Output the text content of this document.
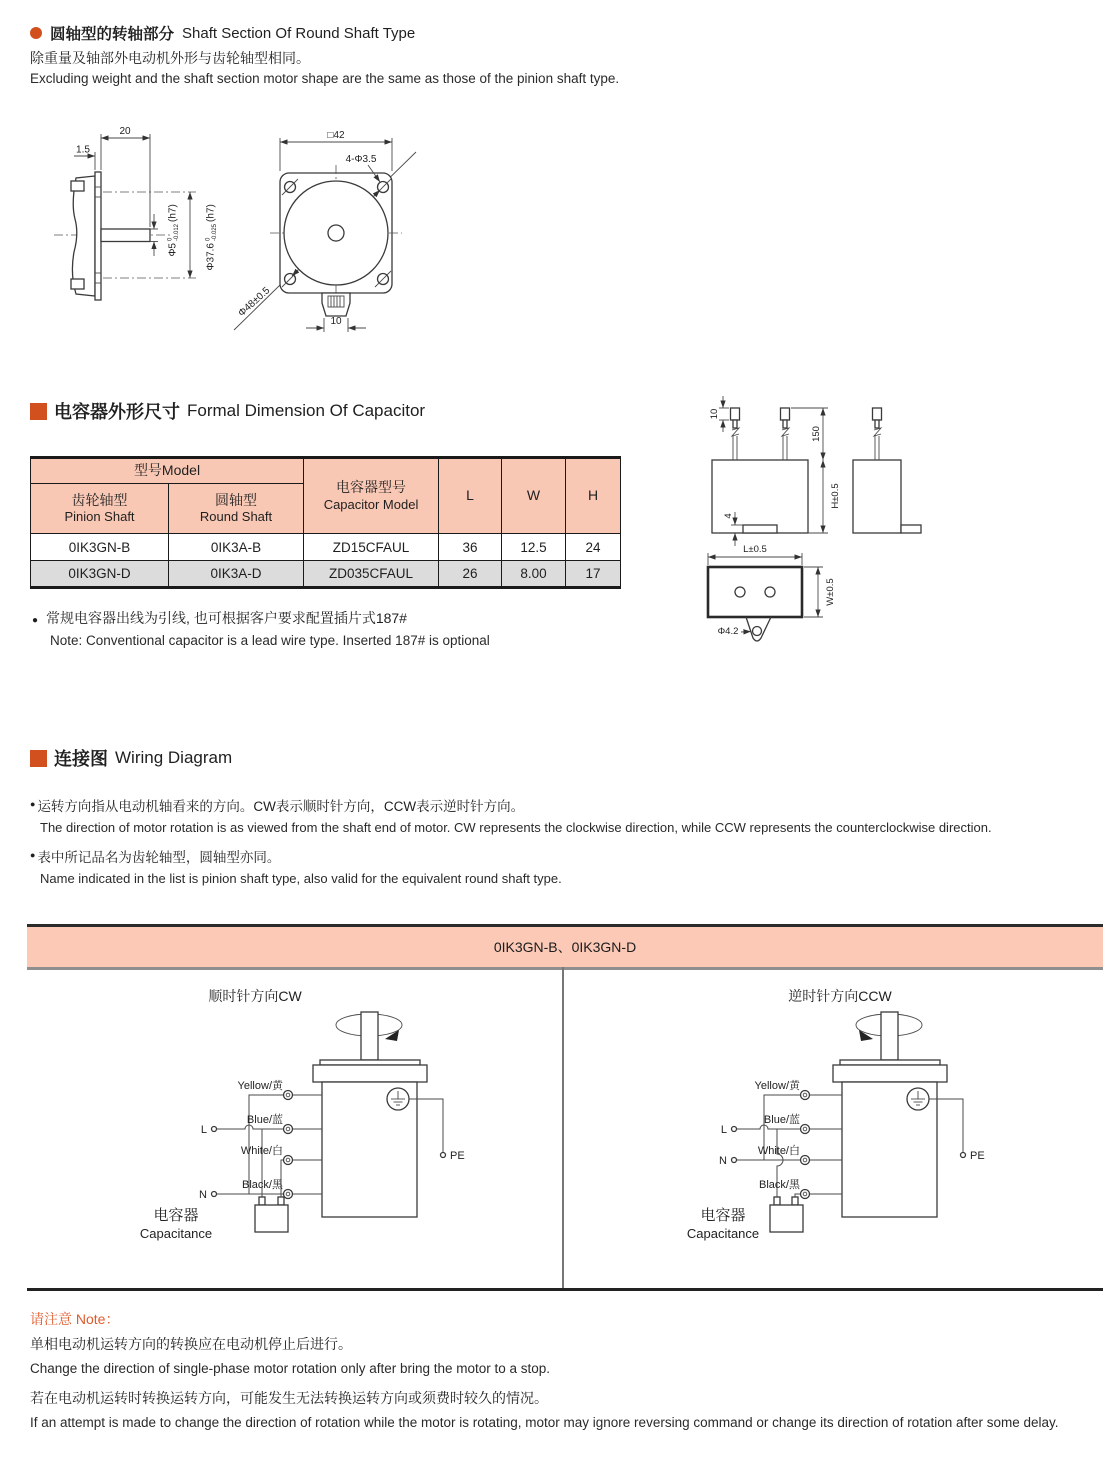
圆轴型的转轴部分 Shaft Section Of Round Shaft Type
除重量及轴部外电动机外形与齿轮轴型相同。
Excluding weight and the shaft section motor shape are the same as those of the pinion shaft type.
20
1.5
Φ5
0 -0.012
(h7)
Φ37.6
0 -0.025
(h7)
□42
4-Φ3.5
Φ48±0.5
10
电容器外形尺寸 Formal Dimension Of Capacitor
型号Model		电容器型号
Capacitor Model	L	W	H

齿轮轴型
Pinion Shaft

圆轴型
Round Shaft

0IK3GN-B	0IK3A-B	ZD15CFAUL	36	12.5	24
0IK3GN-D	0IK3A-D	ZD035CFAUL	26	8.00	17
● 常规电容器出线为引线, 也可根据客户要求配置插片式187#
Note: Conventional capacitor is a lead wire type. Inserted 187# is optional
10
150
H±0.5
4
L±0.5
W±0.5
Φ4.2
连接图 Wiring Diagram
● 运转方向指从电动机轴看来的方向。CW表示顺时针方向，CCW表示逆时针方向。
The direction of motor rotation is as viewed from the shaft end of motor. CW represents the clockwise direction, while CCW represents the counterclockwise direction.
● 表中所记品名为齿轮轴型，圆轴型亦同。
Name indicated in the list is pinion shaft type, also valid for the equivalent round shaft type.
0IK3GN-B、0IK3GN-D
顺时针方向CW	逆时针方向CCW
PE
Yellow/黄
Blue/蓝
White/白
Black/黑
L
N
电容器
Capacitance
PE
Yellow/黄
Blue/蓝
White/白
Black/黑
L
N
电容器
Capacitance
请注意 Note：
单相电动机运转方向的转换应在电动机停止后进行。
Change the direction of single-phase motor rotation only after bring the motor to a stop.
若在电动机运转时转换运转方向，可能发生无法转换运转方向或须费时较久的情况。
If an attempt is made to change the direction of rotation while the motor is rotating, motor may ignore reversing command or change its direction of rotation after some delay.
